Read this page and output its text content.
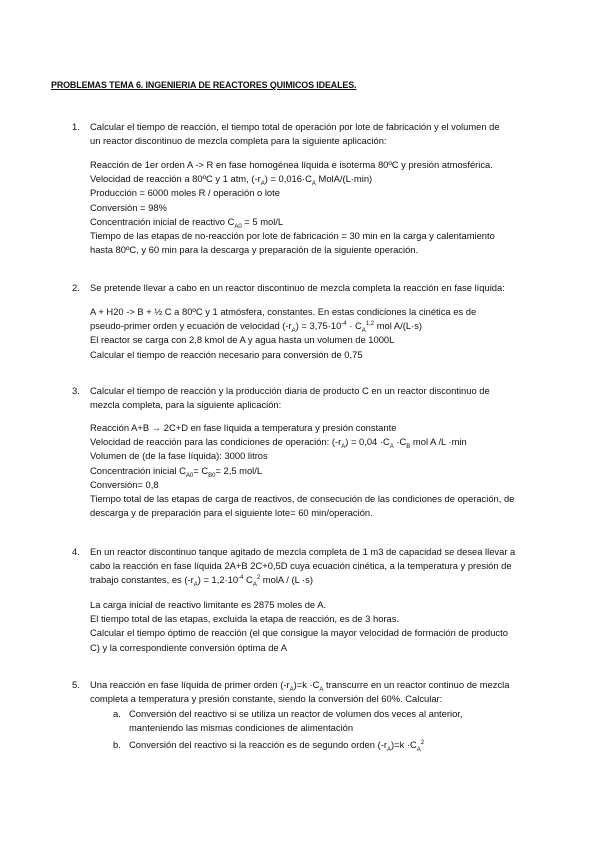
PROBLEMAS TEMA 6. INGENIERIA DE REACTORES QUIMICOS IDEALES.
1.	Calcular el tiempo de reacción, el tiempo total de operación por lote de fabricación y el volumen de
un reactor discontinuo de mezcla completa para la siguiente aplicación:
Reacción de 1er orden A -> R en fase homogénea líquida e isoterma 80ºC y presión atmosférica.
Velocidad de reacción a 80ºC y 1 atm, $(-r_A) = 0,016\cdot C_A$ MolA/(L·min)
Producción = 6000 moles R / operación o lote
Conversión = 98%
Concentración inicial de reactivo $C_{A0} = 5$ mol/L
Tiempo de las etapas de no-reacción por lote de fabricación = 30 min en la carga y calentamiento
hasta 80ºC, y 60 min para la descarga y preparación de la siguiente operación.
2.	Se pretende llevar a cabo en un reactor discontinuo de mezcla completa la reacción en fase líquida:
A + H20 -> B + ½ C a 80ºC y 1 atmósfera, constantes. En estas condiciones la cinética es de
pseudo-primer orden y ecuación de velocidad $(-r_A) = 3,75\cdot 10^{-4} \cdot C_A^{1,2}$ mol A/(L·s)
El reactor se carga con 2,8 kmol de A y agua hasta un volumen de 1000L
Calcular el tiempo de reacción necesario para conversión de 0,75
3.	Calcular el tiempo de reacción y la producción diaria de producto C en un reactor discontinuo de
mezcla completa, para la siguiente aplicación:
Reacción A+B → 2C+D en fase líquida a temperatura y presión constante
Velocidad de reacción para las condiciones de operación: $(-r_A) = 0,04 \cdot C_A \cdot C_B$ mol A /L ·min
Volumen de (de la fase líquida): 3000 litros
Concentración inicial $C_{A0}= C_{B0}= 2,5$ mol/L
Conversión= 0,8
Tiempo total de las etapas de carga de reactivos, de consecución de las condiciones de operación, de
descarga y de preparación para el siguiente lote= 60 min/operación.
4.	En un reactor discontinuo tanque agitado de mezcla completa de 1 m3 de capacidad se desea llevar a
cabo la reacción en fase líquida 2A+B 2C+0,5D cuya ecuación cinética, a la temperatura y presión de
trabajo constantes, es $(-r_A) = 1,2\cdot 10^{-4}$ $C_A^2$ molA / (L ·s)
La carga inicial de reactivo limitante es 2875 moles de A.
El tiempo total de las etapas, excluida la etapa de reacción, es de 3 horas.
Calcular el tiempo óptimo de reacción (el que consigue la mayor velocidad de formación de producto
C) y la correspondiente conversión óptima de A
5.	Una reacción en fase líquida de primer orden $(-r_A)=k \cdot C_A$ transcurre en un reactor continuo de mezcla
completa a temperatura y presión constante, siendo la conversión del 60%. Calcular:
a. Conversión del reactivo si se utiliza un reactor de volumen dos veces al anterior,
manteniendo las mismas condiciones de alimentación
b. Conversión del reactivo si la reacción es de segundo orden $(-r_A)=k \cdot C_A^2$
